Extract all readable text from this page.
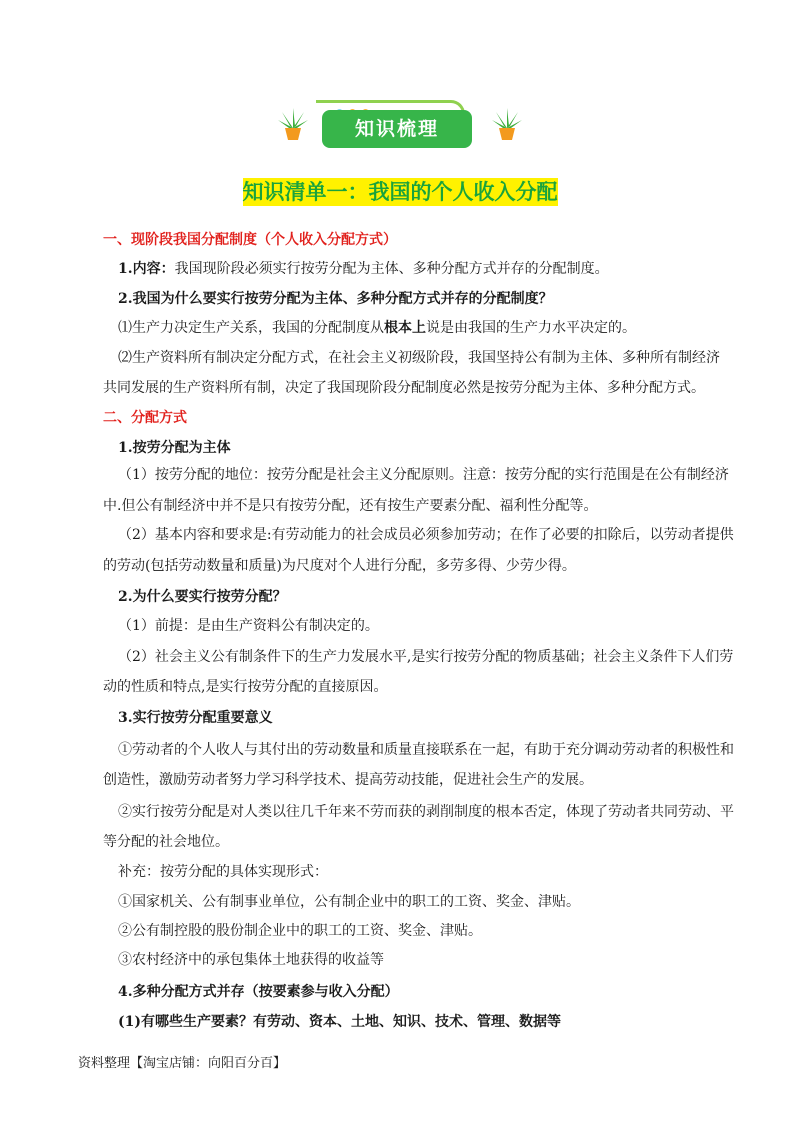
知识梳理
知识清单一：我国的个人收入分配
一、现阶段我国分配制度（个人收入分配方式）
1.内容：我国现阶段必须实行按劳分配为主体、多种分配方式并存的分配制度。
2.我国为什么要实行按劳分配为主体、多种分配方式并存的分配制度？
⑴生产力决定生产关系，我国的分配制度从根本上说是由我国的生产力水平决定的。
⑵生产资料所有制决定分配方式，在社会主义初级阶段，我国坚持公有制为主体、多种所有制经济
共同发展的生产资料所有制，决定了我国现阶段分配制度必然是按劳分配为主体、多种分配方式。
二、分配方式
1.按劳分配为主体
（1）按劳分配的地位：按劳分配是社会主义分配原则。注意：按劳分配的实行范围是在公有制经济
中.但公有制经济中并不是只有按劳分配，还有按生产要素分配、福利性分配等。
（2）基本内容和要求是:有劳动能力的社会成员必须参加劳动；在作了必要的扣除后，以劳动者提供
的劳动(包括劳动数量和质量)为尺度对个人进行分配，多劳多得、少劳少得。
2.为什么要实行按劳分配？
（1）前提：是由生产资料公有制决定的。
（2）社会主义公有制条件下的生产力发展水平,是实行按劳分配的物质基础；社会主义条件下人们劳
动的性质和特点,是实行按劳分配的直接原因。
3.实行按劳分配重要意义
①劳动者的个人收人与其付出的劳动数量和质量直接联系在一起，有助于充分调动劳动者的积极性和
创造性，激励劳动者努力学习科学技术、提高劳动技能，促进社会生产的发展。
②实行按劳分配是对人类以往几千年来不劳而获的剥削制度的根本否定，体现了劳动者共同劳动、平
等分配的社会地位。
补充：按劳分配的具体实现形式：
①国家机关、公有制事业单位，公有制企业中的职工的工资、奖金、津贴。
②公有制控股的股份制企业中的职工的工资、奖金、津贴。
③农村经济中的承包集体土地获得的收益等
4.多种分配方式并存（按要素参与收入分配）
(1)有哪些生产要素？有劳动、资本、土地、知识、技术、管理、数据等
资料整理【淘宝店铺：向阳百分百】
